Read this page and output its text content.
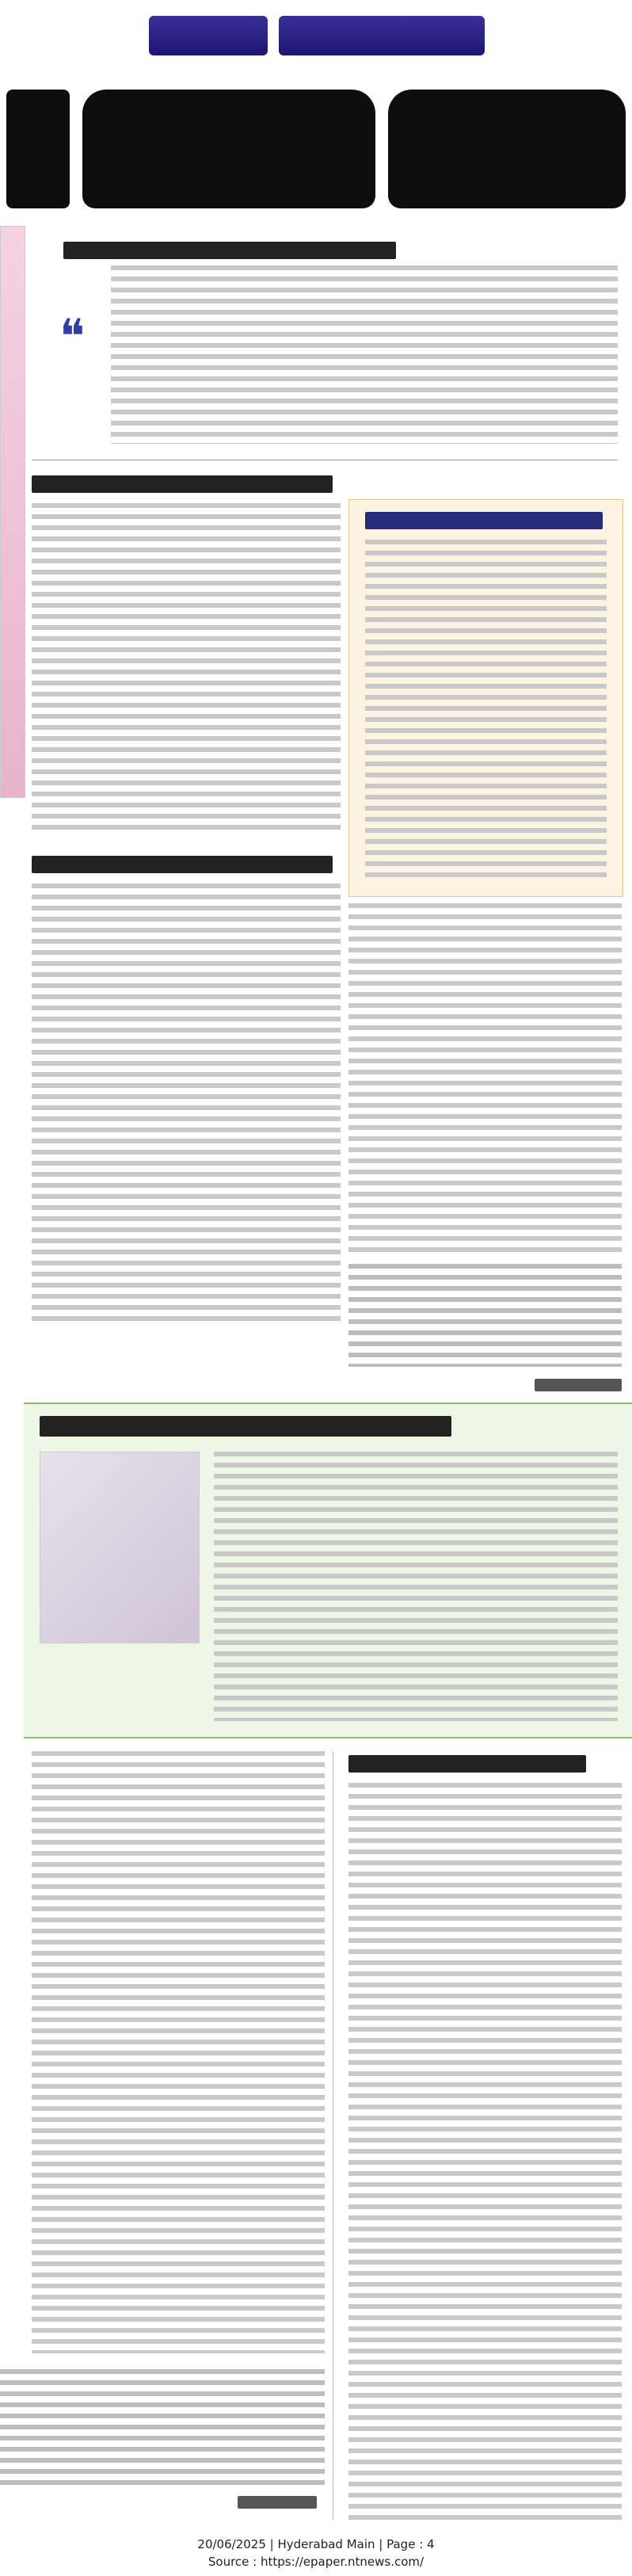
❝
20/06/2025 | Hyderabad Main | Page : 4
Source : https://epaper.ntnews.com/
